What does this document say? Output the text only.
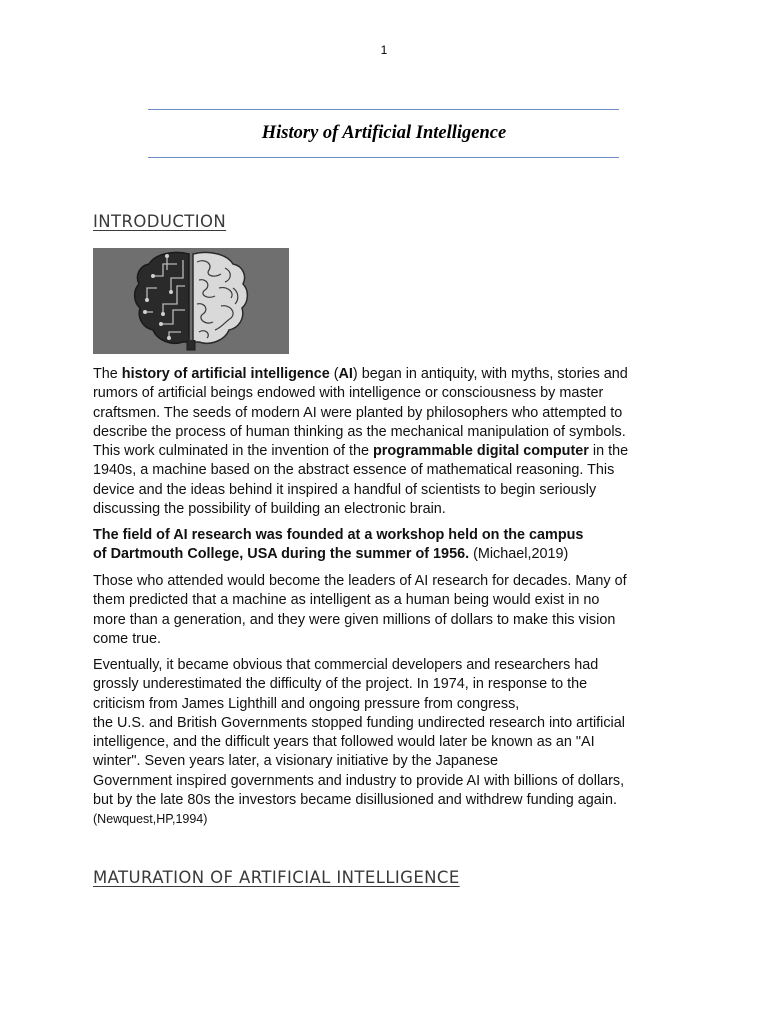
1
History of Artificial Intelligence
INTRODUCTION
The history of artificial intelligence (AI) began in antiquity, with myths, stories and
rumors of artificial beings endowed with intelligence or consciousness by master
craftsmen. The seeds of modern AI were planted by philosophers who attempted to
describe the process of human thinking as the mechanical manipulation of symbols.
This work culminated in the invention of the programmable digital computer in the
1940s, a machine based on the abstract essence of mathematical reasoning. This
device and the ideas behind it inspired a handful of scientists to begin seriously
discussing the possibility of building an electronic brain.
The field of AI research was founded at a workshop held on the campus
of Dartmouth College, USA during the summer of 1956. (Michael,2019)
Those who attended would become the leaders of AI research for decades. Many of
them predicted that a machine as intelligent as a human being would exist in no
more than a generation, and they were given millions of dollars to make this vision
come true.
Eventually, it became obvious that commercial developers and researchers had
grossly underestimated the difficulty of the project. In 1974, in response to the
criticism from James Lighthill and ongoing pressure from congress,
the U.S. and British Governments stopped funding undirected research into artificial
intelligence, and the difficult years that followed would later be known as an "AI
winter". Seven years later, a visionary initiative by the Japanese
Government inspired governments and industry to provide AI with billions of dollars,
but by the late 80s the investors became disillusioned and withdrew funding again.
(Newquest,HP,1994)
MATURATION OF ARTIFICIAL INTELLIGENCE
